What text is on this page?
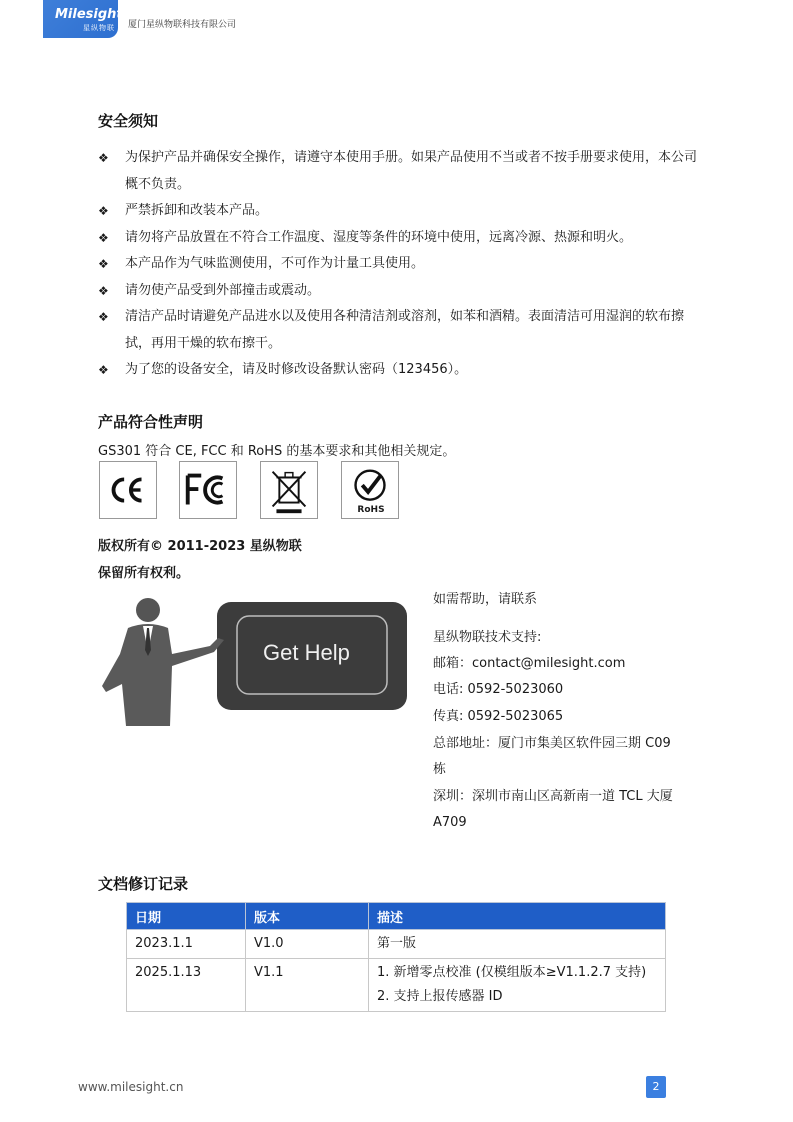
Milesight
星纵物联 厦门星纵物联科技有限公司
安全须知
❖ 为保护产品并确保安全操作，请遵守本使用手册。如果产品使用不当或者不按手册要求使用，本公司概不负责。
❖ 严禁拆卸和改装本产品。
❖ 请勿将产品放置在不符合工作温度、湿度等条件的环境中使用，远离冷源、热源和明火。
❖ 本产品作为气味监测使用，不可作为计量工具使用。
❖ 请勿使产品受到外部撞击或震动。
❖ 清洁产品时请避免产品进水以及使用各种清洁剂或溶剂，如苯和酒精。表面清洁可用湿润的软布擦拭，再用干燥的软布擦干。
❖ 为了您的设备安全，请及时修改设备默认密码（123456）。
产品符合性声明
GS301 符合 CE, FCC 和 RoHS 的基本要求和其他相关规定。
RoHS
版权所有© 2011-2023 星纵物联
保留所有权利。
Get Help
如需帮助，请联系
星纵物联技术支持:
邮箱：contact@milesight.com
电话: 0592-5023060
传真: 0592-5023065
总部地址：厦门市集美区软件园三期 C09
栋
深圳：深圳市南山区高新南一道 TCL 大厦
A709
文档修订记录
日期	版本	描述
2023.1.1	V1.0	第一版

2025.1.13	V1.1	1. 新增零点校准 (仅模组版本≥V1.1.2.7 支持)
2. 支持上报传感器 ID
www.milesight.cn	2
